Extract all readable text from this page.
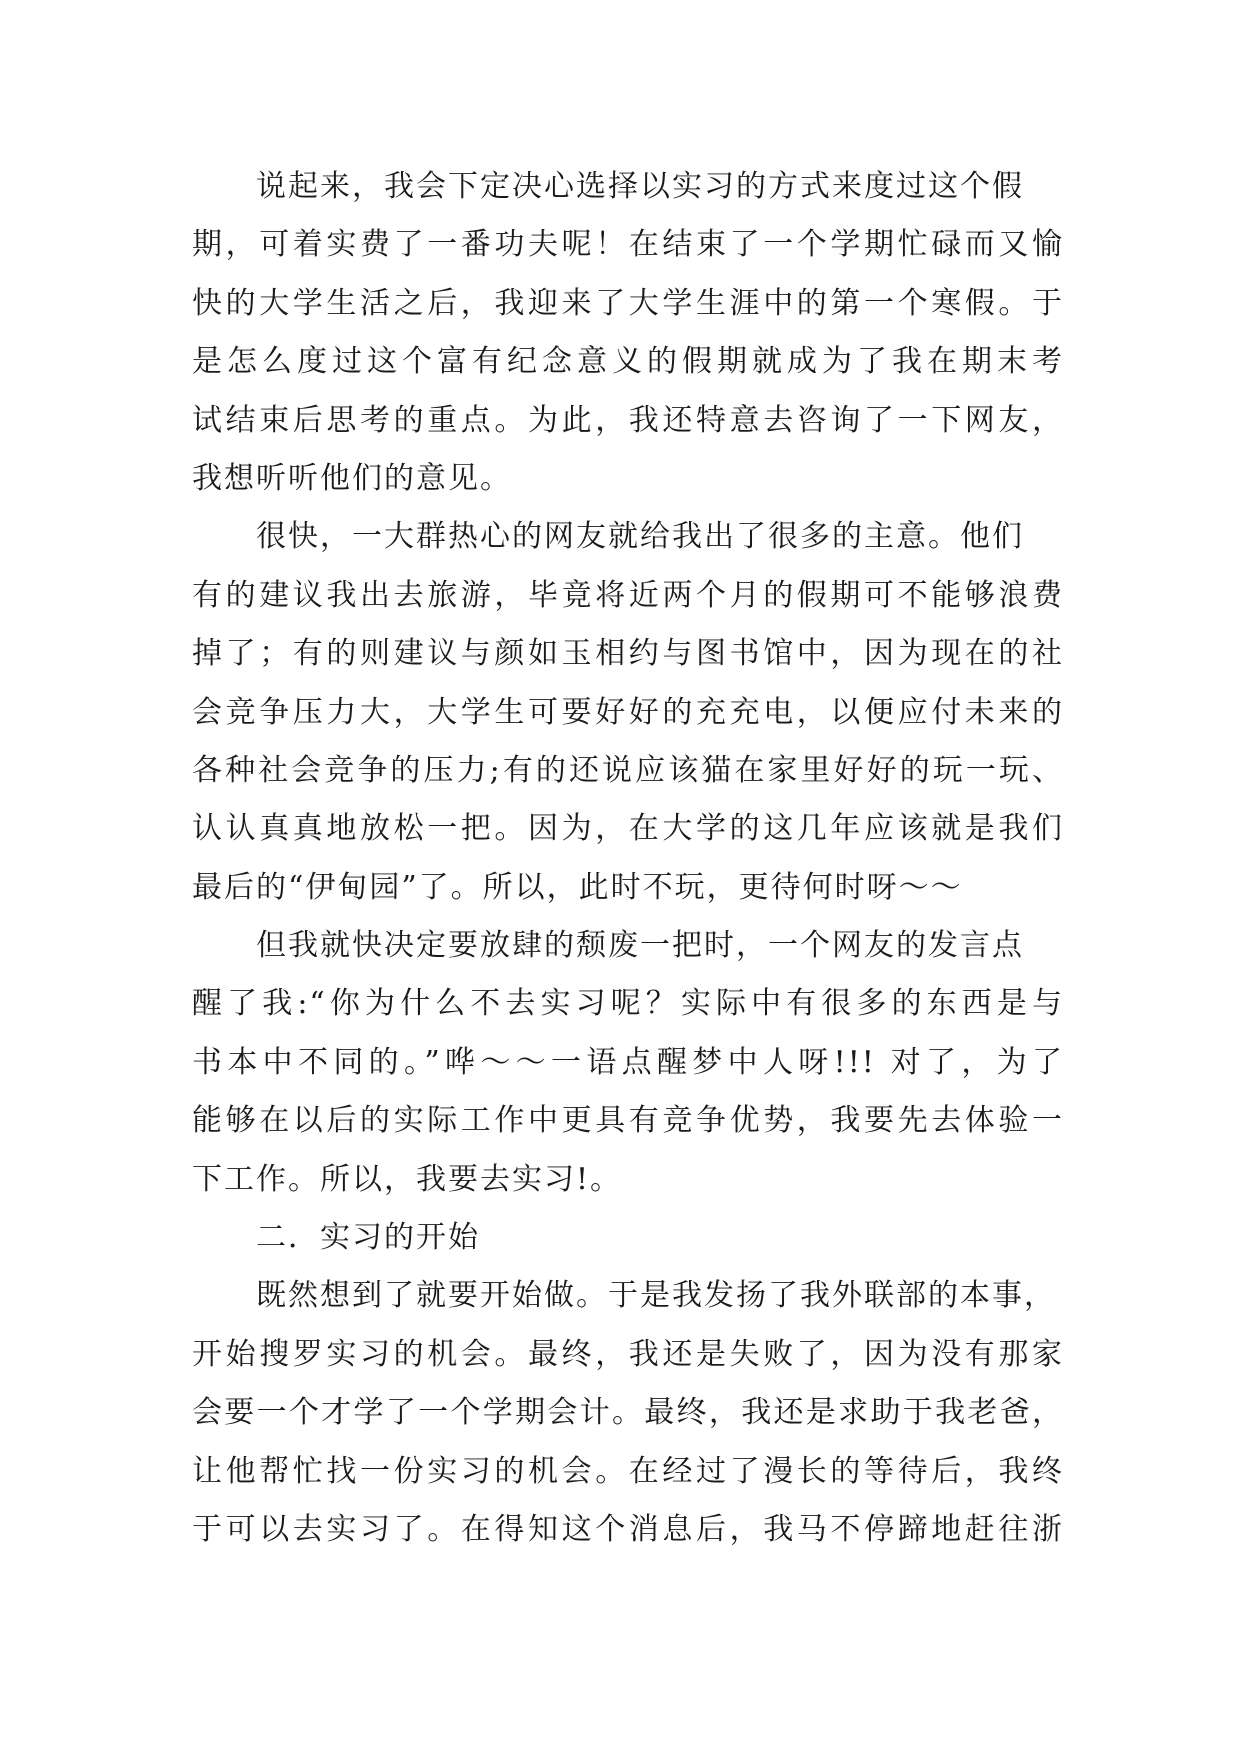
说起来，我会下定决心选择以实习的方式来度过这个假
期，可着实费了一番功夫呢！在结束了一个学期忙碌而又愉
快的大学生活之后，我迎来了大学生涯中的第一个寒假。于
是怎么度过这个富有纪念意义的假期就成为了我在期末考
试结束后思考的重点。为此，我还特意去咨询了一下网友，
我想听听他们的意见。
很快，一大群热心的网友就给我出了很多的主意。他们
有的建议我出去旅游，毕竟将近两个月的假期可不能够浪费
掉了；有的则建议与颜如玉相约与图书馆中，因为现在的社
会竞争压力大，大学生可要好好的充充电，以便应付未来的
各种社会竞争的压力;有的还说应该猫在家里好好的玩一玩、
认认真真地放松一把。因为，在大学的这几年应该就是我们
最后的“伊甸园”了。所以，此时不玩，更待何时呀～～
但我就快决定要放肆的颓废一把时，一个网友的发言点
醒了我:“你为什么不去实习呢？实际中有很多的东西是与
书本中不同的。”哗～～一语点醒梦中人呀!!! 对了，为了
能够在以后的实际工作中更具有竞争优势，我要先去体验一
下工作。所以，我要去实习!。
二．实习的开始
既然想到了就要开始做。于是我发扬了我外联部的本事，
开始搜罗实习的机会。最终，我还是失败了，因为没有那家
会要一个才学了一个学期会计。最终，我还是求助于我老爸，
让他帮忙找一份实习的机会。在经过了漫长的等待后，我终
于可以去实习了。在得知这个消息后，我马不停蹄地赶往浙
